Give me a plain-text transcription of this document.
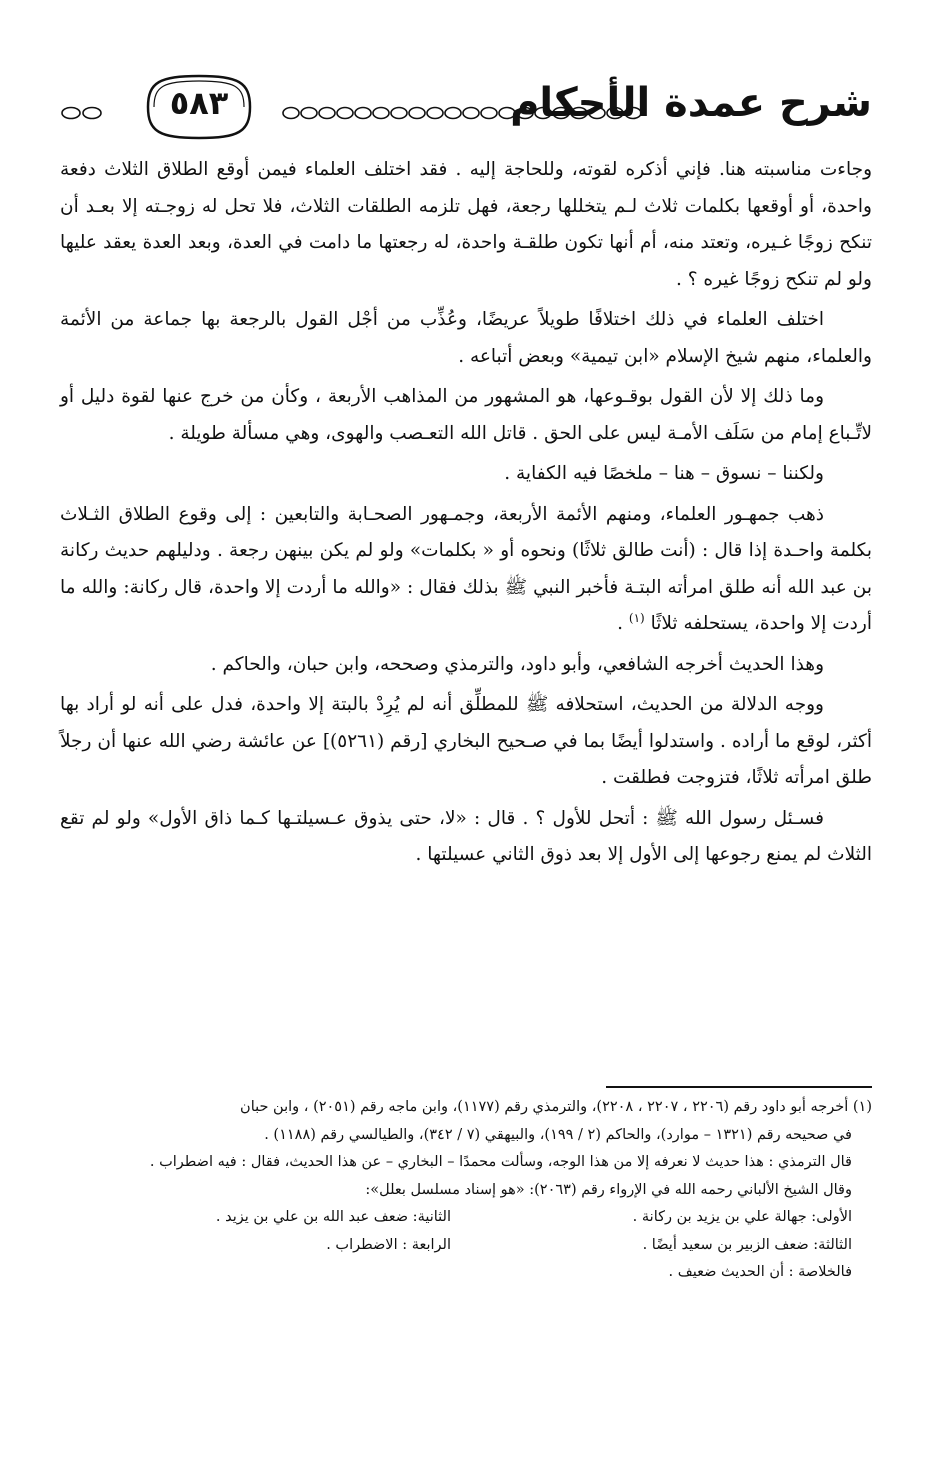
شرح عمدة الأحكام
٥٨٣

وجاءت مناسبته هنا. فإني أذكره لقوته، وللحاجة إليه . فقد اختلف العلماء فيمن أوقع الطلاق الثلاث دفعة واحدة، أو أوقعها بكلمات ثلاث لـم يتخللها رجعة، فهل تلزمه الطلقات الثلاث، فلا تحل له زوجـته إلا بعـد أن تنكح زوجًا غـيره، وتعتد منه، أم أنها تكون طلقـة واحدة، له رجعتها ما دامت في العدة، وبعد العدة يعقد عليها ولو لم تنكح زوجًا غيره ؟ .

اختلف العلماء في ذلك اختلافًا طويلاً عريضًا، وعُذِّب من أجْل القول بالرجعة بها جماعة من الأئمة والعلماء، منهم شيخ الإسلام «ابن تيمية» وبعض أتباعه .

وما ذلك إلا لأن القول بوقـوعها، هو المشهور من المذاهب الأربعة ، وكأن من خرج عنها لقوة دليل أو لاتِّـباع إمام من سَلَف الأمـة ليس على الحق . قاتل الله التعـصب والهوى، وهي مسألة طويلة .

ولكننا – نسوق – هنا – ملخصًا فيه الكفاية .

ذهب جمهـور العلماء، ومنهم الأئمة الأربعة، وجمـهور الصحـابة والتابعين : إلى وقوع الطلاق الثـلاث بكلمة واحـدة إذا قال : (أنت طالق ثلاثًا) ونحوه أو « بكلمات» ولو لم يكن بينهن رجعة . ودليلهم حديث ركانة بن عبد الله أنه طلق امرأته البتـة فأخبر النبي ﷺ بذلك فقال : «والله ما أردت إلا واحدة، قال ركانة: والله ما أردت إلا واحدة، يستحلفه ثلاثًا $^{(١)}$ .

وهذا الحديث أخرجه الشافعي، وأبو داود، والترمذي وصححه، وابن حبان، والحاكم .

ووجه الدلالة من الحديث، استحلافه ﷺ للمطلِّق أنه لم يُرِدْ بالبتة إلا واحدة، فدل على أنه لو أراد بها أكثر، لوقع ما أراده . واستدلوا أيضًا بما في صـحيح البخاري [رقم (٥٢٦١)] عن عائشة رضي الله عنها أن رجلاً طلق امرأته ثلاثًا، فتزوجت فطلقت .

فسـئل رسول الله ﷺ : أتحل للأول ؟ . قال : «لا، حتى يذوق عـسيلتـها كـما ذاق الأول» ولو لم تقع الثلاث لم يمنع رجوعها إلى الأول إلا بعد ذوق الثاني عسيلتها .

(١) أخرجه أبو داود رقم (٢٢٠٦ ، ٢٢٠٧ ، ٢٢٠٨)، والترمذي رقم (١١٧٧)، وابن ماجه رقم (٢٠٥١) ، وابن حبان

في صحيحه رقم (١٣٢١ – موارد)، والحاكم (٢ / ١٩٩)، والبيهقي (٧ / ٣٤٢)، والطيالسي رقم (١١٨٨) .

قال الترمذي : هذا حديث لا نعرفه إلا من هذا الوجه، وسألت محمدًا – البخاري – عن هذا الحديث، فقال : فيه اضطراب .

وقال الشيخ الألباني رحمه الله في الإرواء رقم (٢٠٦٣): «هو إسناد مسلسل بعلل»:

الأولى: جهالة علي بن يزيد بن ركانة .

الثانية: ضعف عبد الله بن علي بن يزيد .

الثالثة: ضعف الزبير بن سعيد أيضًا .

الرابعة : الاضطراب .

فالخلاصة : أن الحديث ضعيف .
